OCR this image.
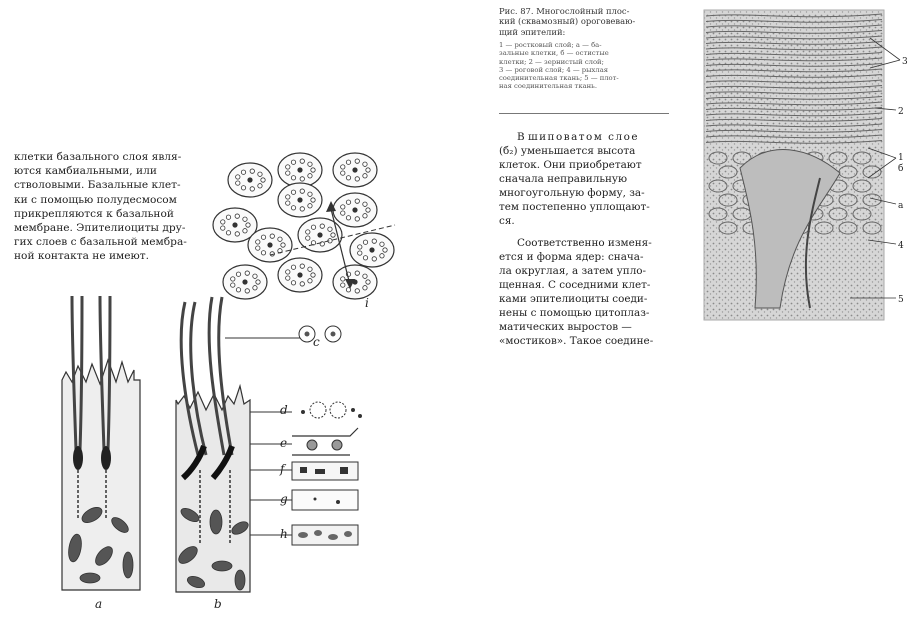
клетки базального слоя явля-
ются камбиальными, или
стволовыми. Базальные клет-
ки с помощью полудесмосом
прикрепляются к базальной
мембране. Эпителиоциты дру-
гих слоев с базальной мембра-
ной контакта не имеют.
c
d
e
f
g
h
i
a	b
Рис. 87. Многослойный плос-
кий (сквамозный) ороговеваю-
щий эпителий:
1 — ростковый слой; а — ба-
зальные клетки, б — остистые
клетки; 2 — зернистый слой;
3 — роговой слой; 4 — рыхлая
соединительная ткань; 5 — плот-
ная соединительная ткань.
В шиповатом слое
(б₂) уменьшается высота
клеток. Они приобретают
сначала неправильную
многоугольную форму, за-
тем постепенно уплощают-
ся.
Соответственно изменя-
ется и форма ядер: снача-
ла округлая, а затем упло-
щенная. С соседними клет-
ками эпителиоциты соеди-
нены с помощью цитоплаз-
матических выростов —
«мостиков». Такое соедине-
3
2
1
б
а
4
5
